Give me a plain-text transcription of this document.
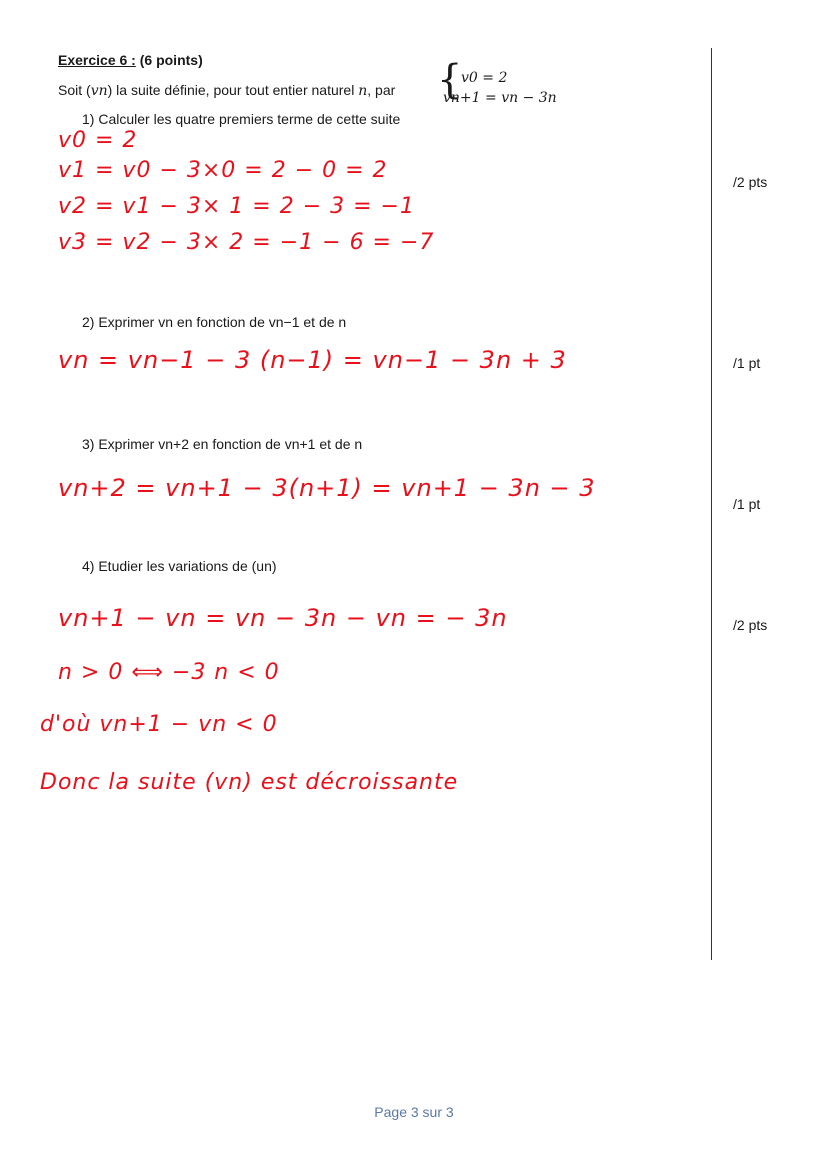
Exercice 6 : (6 points)
Soit (vn) la suite définie, pour tout entier naturel n, par {
v0 = 2
vn+1 = vn − 3n
1) Calculer les quatre premiers terme de cette suite
/2 pts
v0 = 2
v1 = v0 − 3×0 = 2 − 0 = 2
v2 = v1 − 3× 1 = 2 − 3 = −1
v3 = v2 − 3× 2 = −1 − 6 = −7
2) Exprimer vn en fonction de vn−1 et de n
/1 pt
vn = vn−1 − 3 (n−1) = vn−1 − 3n + 3
3) Exprimer vn+2 en fonction de vn+1 et de n
/1 pt
vn+2 = vn+1 − 3(n+1) = vn+1 − 3n − 3
4) Etudier les variations de (un)
/2 pts
vn+1 − vn = vn − 3n − vn = − 3n
n > 0 ⟺ −3 n < 0
d'où vn+1 − vn < 0
Donc la suite (vn) est décroissante
Page 3 sur 3
